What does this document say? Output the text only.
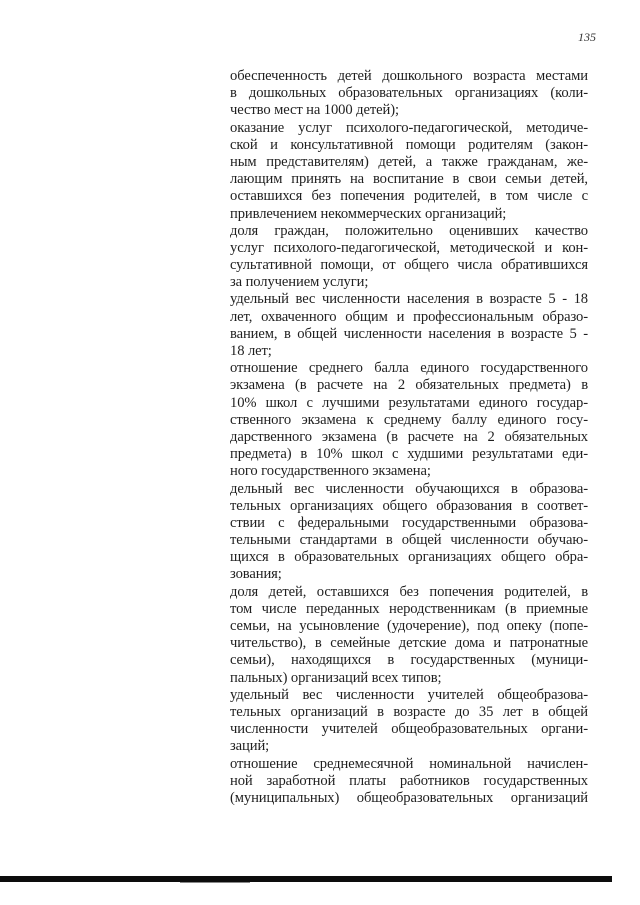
135
обеспеченность детей дошкольного возраста местами
в дошкольных образовательных организациях (коли-
чество мест на 1000 детей);
оказание услуг психолого-педагогической, методиче-
ской и консультативной помощи родителям (закон-
ным представителям) детей, а также гражданам, же-
лающим принять на воспитание в свои семьи детей,
оставшихся без попечения родителей, в том числе с
привлечением некоммерческих организаций;
доля граждан, положительно оценивших качество
услуг психолого-педагогической, методической и кон-
сультативной помощи, от общего числа обратившихся
за получением услуги;
удельный вес численности населения в возрасте 5 - 18
лет, охваченного общим и профессиональным образо-
ванием, в общей численности населения в возрасте 5 -
18 лет;
отношение среднего балла единого государственного
экзамена (в расчете на 2 обязательных предмета) в
10% школ с лучшими результатами единого государ-
ственного экзамена к среднему баллу единого госу-
дарственного экзамена (в расчете на 2 обязательных
предмета) в 10% школ с худшими результатами еди-
ного государственного экзамена;
дельный вес численности обучающихся в образова-
тельных организациях общего образования в соответ-
ствии с федеральными государственными образова-
тельными стандартами в общей численности обучаю-
щихся в образовательных организациях общего обра-
зования;
доля детей, оставшихся без попечения родителей, в
том числе переданных неродственникам (в приемные
семьи, на усыновление (удочерение), под опеку (попе-
чительство), в семейные детские дома и патронатные
семьи), находящихся в государственных (муници-
пальных) организаций всех типов;
удельный вес численности учителей общеобразова-
тельных организаций в возрасте до 35 лет в общей
численности учителей общеобразовательных органи-
заций;
отношение среднемесячной номинальной начислен-
ной заработной платы работников государственных
(муниципальных) общеобразовательных организаций
